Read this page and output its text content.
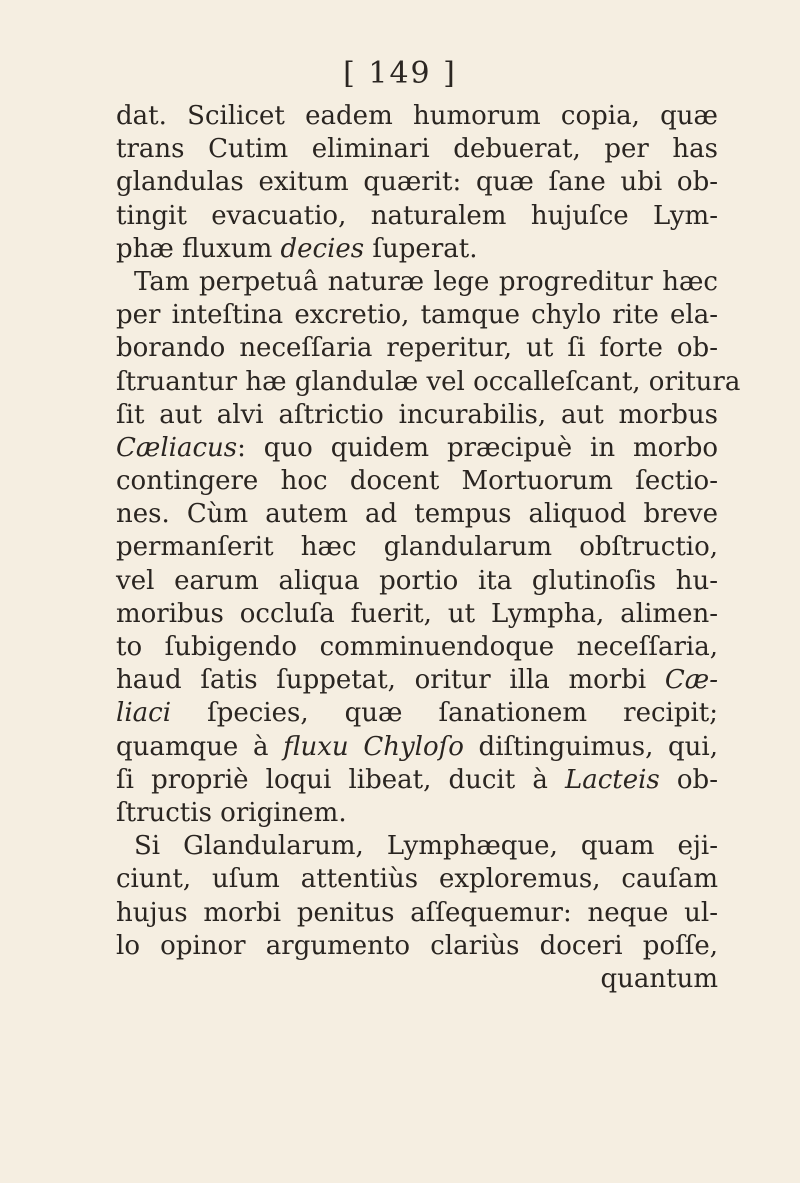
[ 149 ]
dat. Scilicet eadem humorum copia, quæ
trans Cutim eliminari debuerat, per has
glandulas exitum quærit: quæ ſane ubi ob-
tingit evacuatio, naturalem hujuſce Lym-
phæ fluxum decies ſuperat.
Tam perpetuâ naturæ lege progreditur hæc
per inteſtina excretio, tamque chylo rite ela-
borando neceſſaria reperitur, ut ſi forte ob-
ſtruantur hæ glandulæ vel occalleſcant, oritura
ſit aut alvi aſtrictio incurabilis, aut morbus
Cæliacus: quo quidem præcipuè in morbo
contingere hoc docent Mortuorum ſectio-
nes. Cùm autem ad tempus aliquod breve
permanſerit hæc glandularum obſtructio,
vel earum aliqua portio ita glutinoſis hu-
moribus occluſa fuerit, ut Lympha, alimen-
to ſubigendo comminuendoque neceſſaria,
haud ſatis ſuppetat, oritur illa morbi Cæ-
liaci ſpecies, quæ ſanationem recipit;
quamque à fluxu Chyloſo diſtinguimus, qui,
ſi propriè loqui libeat, ducit à Lacteis ob-
ſtructis originem.
Si Glandularum, Lymphæque, quam eji-
ciunt, uſum attentiùs exploremus, cauſam
hujus morbi penitus aſſequemur: neque ul-
lo opinor argumento clariùs doceri poſſe,
quantum
